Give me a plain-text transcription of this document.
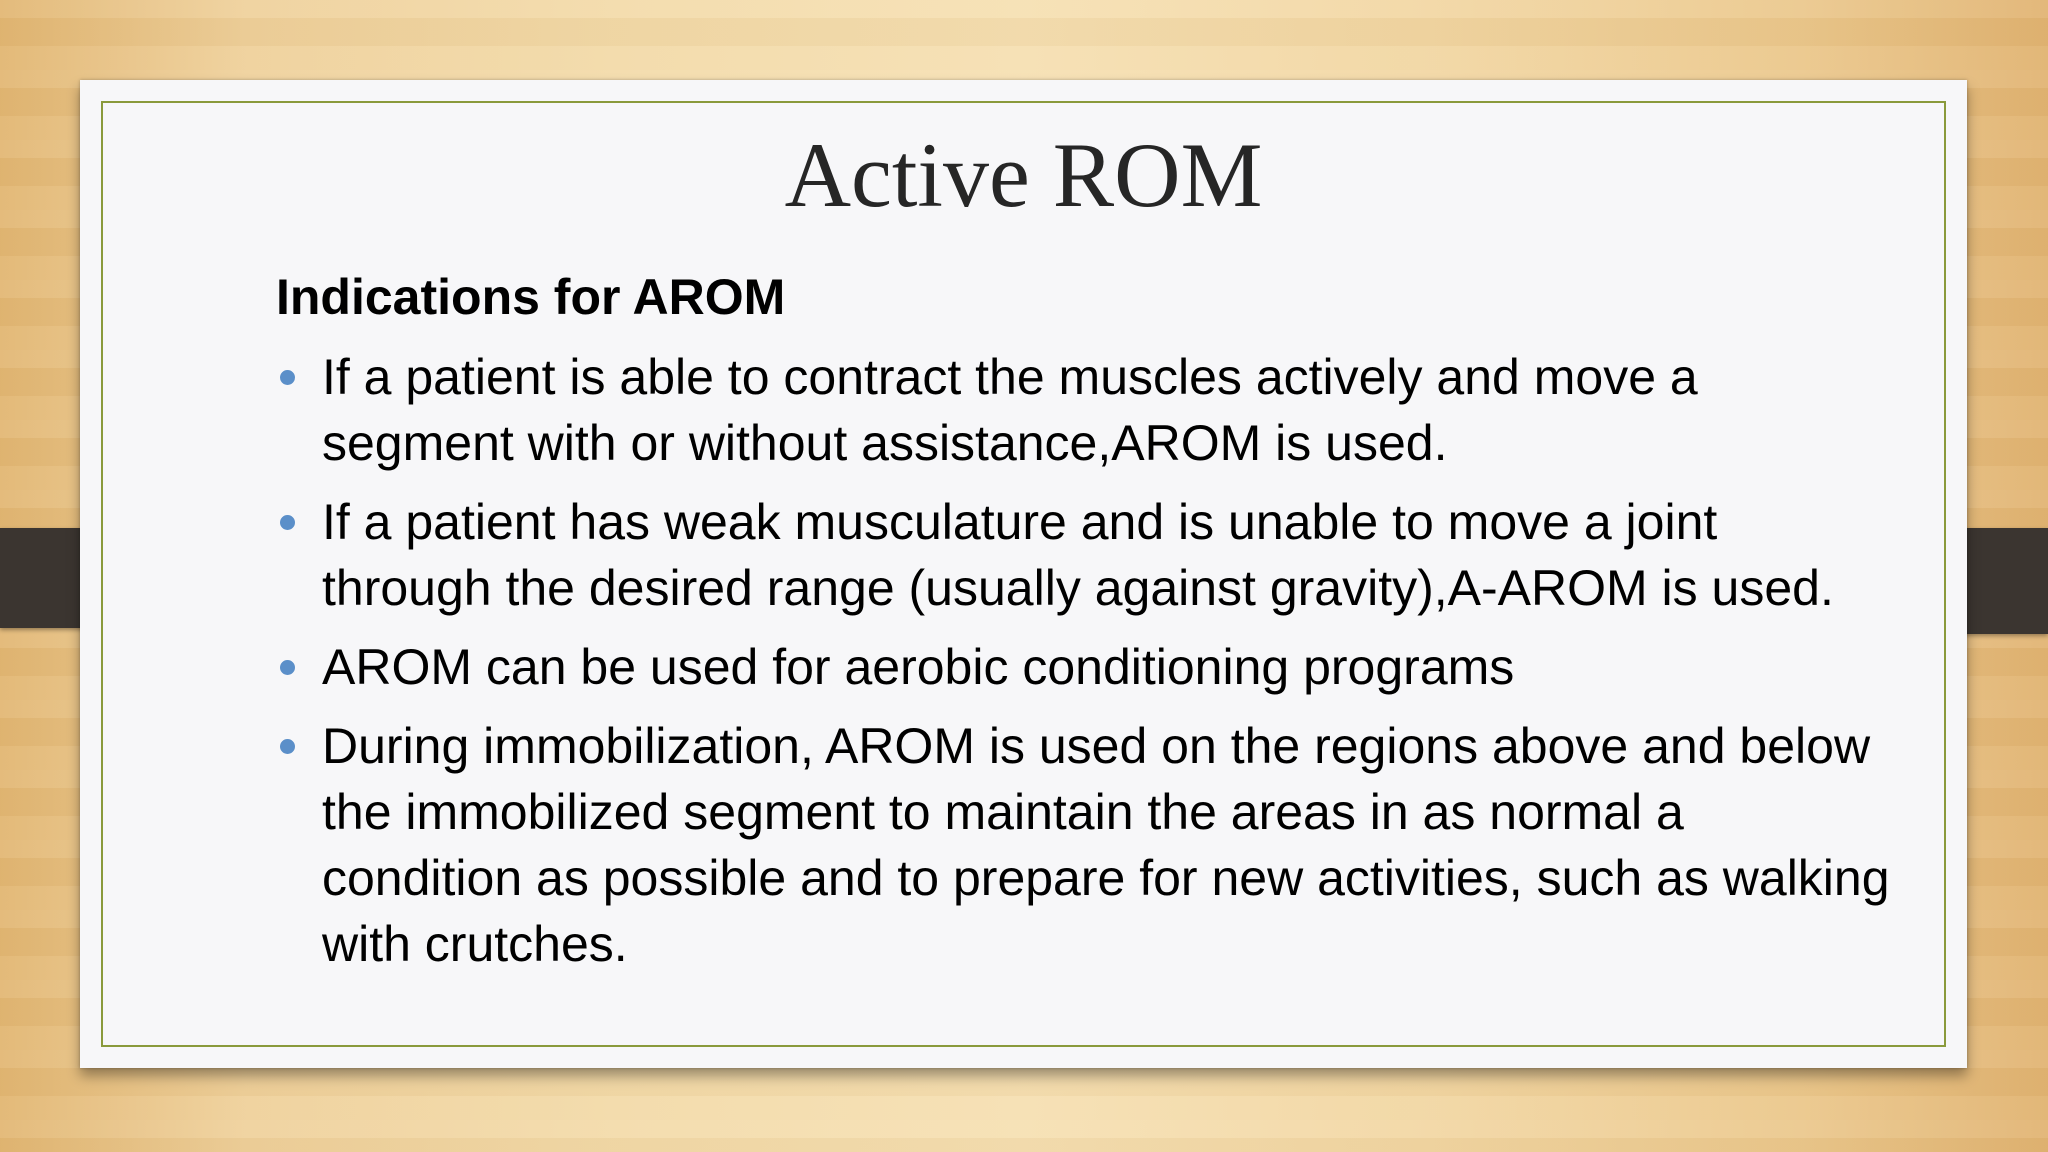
Active ROM
Indications for AROM
If a patient is able to contract the muscles actively and move a segment with or without assistance,AROM is used.
If a patient has weak musculature and is unable to move a joint through the desired range (usually against gravity),A-AROM is used.
AROM can be used for aerobic conditioning programs
During immobilization, AROM is used on the regions above and below the immobilized segment to maintain the areas in as normal a condition as possible and to prepare for new activities, such as walking with crutches.
